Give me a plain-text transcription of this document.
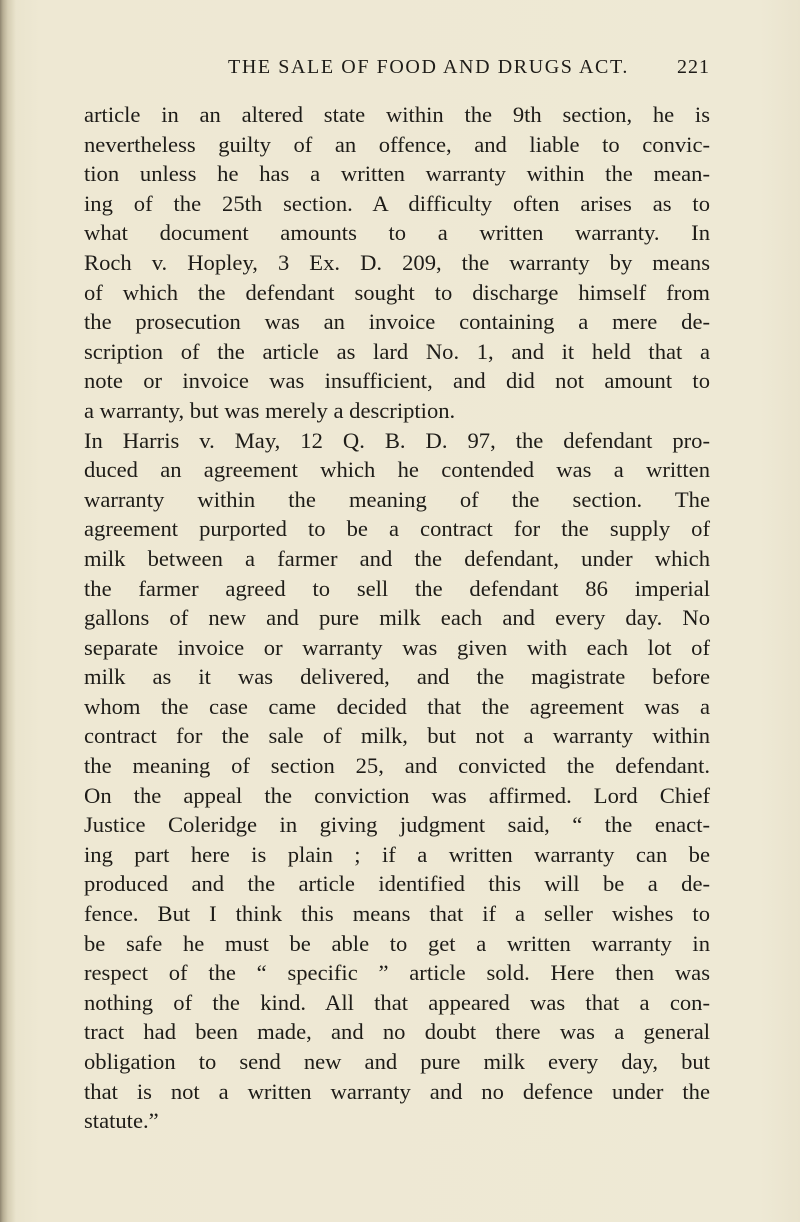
THE SALE OF FOOD AND DRUGS ACT. 221
article in an altered state within the 9th section, he is
nevertheless guilty of an offence, and liable to convic-
tion unless he has a written warranty within the mean-
ing of the 25th section. A difficulty often arises as to
what document amounts to a written warranty. In
Roch v. Hopley, 3 Ex. D. 209, the warranty by means
of which the defendant sought to discharge himself from
the prosecution was an invoice containing a mere de-
scription of the article as lard No. 1, and it held that a
note or invoice was insufficient, and did not amount to
a warranty, but was merely a description.
In Harris v. May, 12 Q. B. D. 97, the defendant pro-
duced an agreement which he contended was a written
warranty within the meaning of the section. The
agreement purported to be a contract for the supply of
milk between a farmer and the defendant, under which
the farmer agreed to sell the defendant 86 imperial
gallons of new and pure milk each and every day. No
separate invoice or warranty was given with each lot of
milk as it was delivered, and the magistrate before
whom the case came decided that the agreement was a
contract for the sale of milk, but not a warranty within
the meaning of section 25, and convicted the defendant.
On the appeal the conviction was affirmed. Lord Chief
Justice Coleridge in giving judgment said, “ the enact-
ing part here is plain ; if a written warranty can be
produced and the article identified this will be a de-
fence. But I think this means that if a seller wishes to
be safe he must be able to get a written warranty in
respect of the “ specific ” article sold. Here then was
nothing of the kind. All that appeared was that a con-
tract had been made, and no doubt there was a general
obligation to send new and pure milk every day, but
that is not a written warranty and no defence under the
statute.”
